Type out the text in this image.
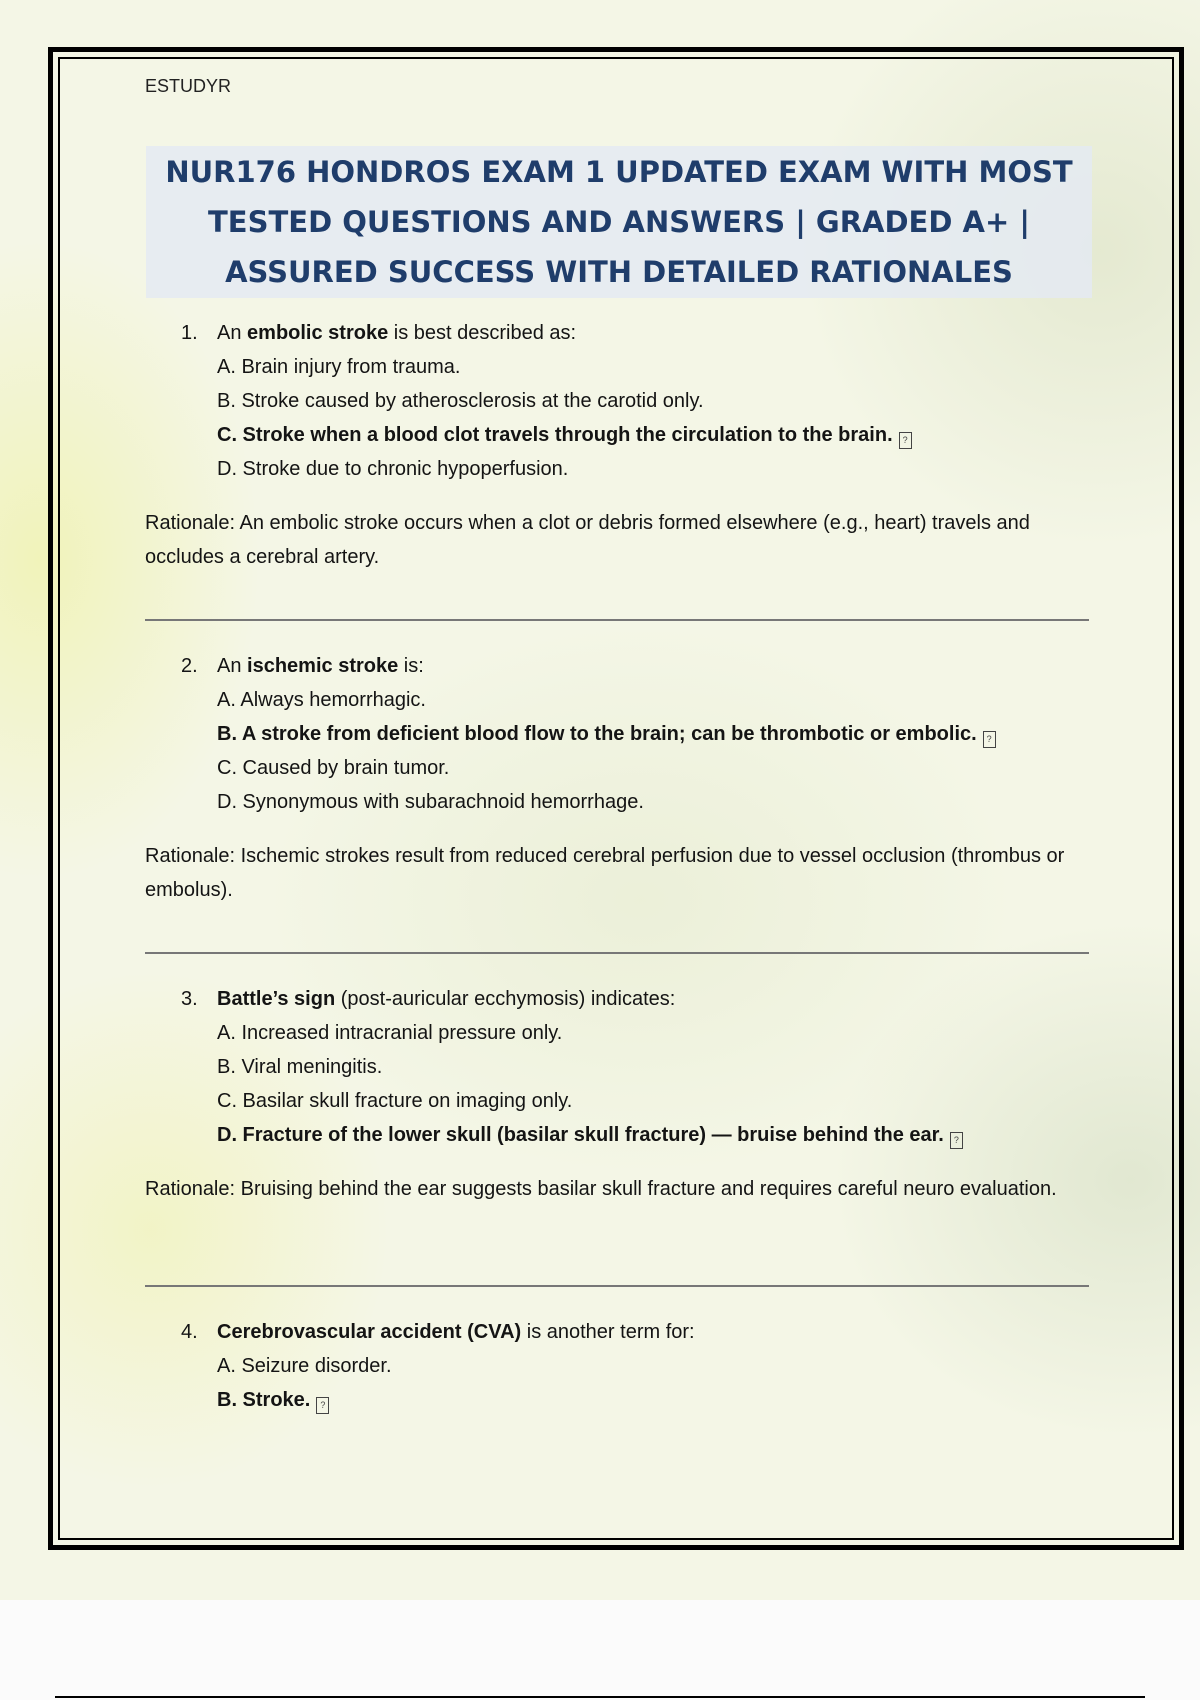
ESTUDYR
NUR176 HONDROS EXAM 1 UPDATED EXAM WITH MOST TESTED QUESTIONS AND ANSWERS | GRADED A+ | ASSURED SUCCESS WITH DETAILED RATIONALES
1. An embolic stroke is best described as:
A. Brain injury from trauma.
B. Stroke caused by atherosclerosis at the carotid only.
C. Stroke when a blood clot travels through the circulation to the brain. ?
D. Stroke due to chronic hypoperfusion.
Rationale: An embolic stroke occurs when a clot or debris formed elsewhere (e.g., heart) travels and occludes a cerebral artery.
2. An ischemic stroke is:
A. Always hemorrhagic.
B. A stroke from deficient blood flow to the brain; can be thrombotic or embolic. ?
C. Caused by brain tumor.
D. Synonymous with subarachnoid hemorrhage.
Rationale: Ischemic strokes result from reduced cerebral perfusion due to vessel occlusion (thrombus or embolus).
3. Battle’s sign (post-auricular ecchymosis) indicates:
A. Increased intracranial pressure only.
B. Viral meningitis.
C. Basilar skull fracture on imaging only.
D. Fracture of the lower skull (basilar skull fracture) — bruise behind the ear. ?
Rationale: Bruising behind the ear suggests basilar skull fracture and requires careful neuro evaluation.
4. Cerebrovascular accident (CVA) is another term for:
A. Seizure disorder.
B. Stroke. ?
